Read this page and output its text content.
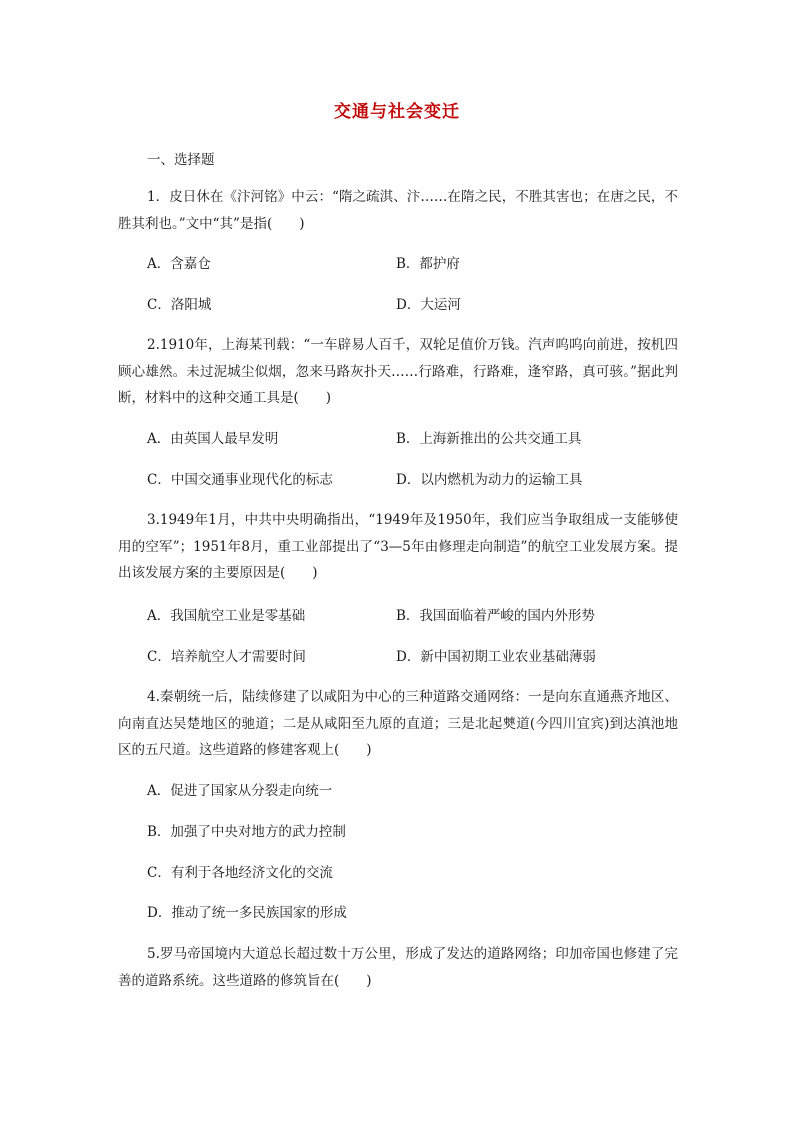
交通与社会变迁
一、选择题
1．皮日休在《汴河铭》中云：“隋之疏淇、汴……在隋之民，不胜其害也；在唐之民，不胜其利也。”文中“其”是指(　　)
A．含嘉仓	B．都护府
C．洛阳城	D．大运河
2.1910年，上海某刊载：“一车辟易人百千，双轮足值价万钱。汽声呜呜向前进，按机四顾心雄然。未过泥城尘似烟，忽来马路灰扑天……行路难，行路难，逢窄路，真可骇。”据此判断，材料中的这种交通工具是(　　)
A．由英国人最早发明	B．上海新推出的公共交通工具
C．中国交通事业现代化的标志	D．以内燃机为动力的运输工具
3.1949年1月，中共中央明确指出，“1949年及1950年，我们应当争取组成一支能够使用的空军”；1951年8月，重工业部提出了“3—5年由修理走向制造”的航空工业发展方案。提出该发展方案的主要原因是(　　)
A．我国航空工业是零基础	B．我国面临着严峻的国内外形势
C．培养航空人才需要时间	D．新中国初期工业农业基础薄弱
4.秦朝统一后，陆续修建了以咸阳为中心的三种道路交通网络：一是向东直通燕齐地区、向南直达吴楚地区的驰道；二是从咸阳至九原的直道；三是北起僰道(今四川宜宾)到达滇池地区的五尺道。这些道路的修建客观上(　　)
A．促进了国家从分裂走向统一
B．加强了中央对地方的武力控制
C．有利于各地经济文化的交流
D．推动了统一多民族国家的形成
5.罗马帝国境内大道总长超过数十万公里，形成了发达的道路网络；印加帝国也修建了完善的道路系统。这些道路的修筑旨在(　　)
